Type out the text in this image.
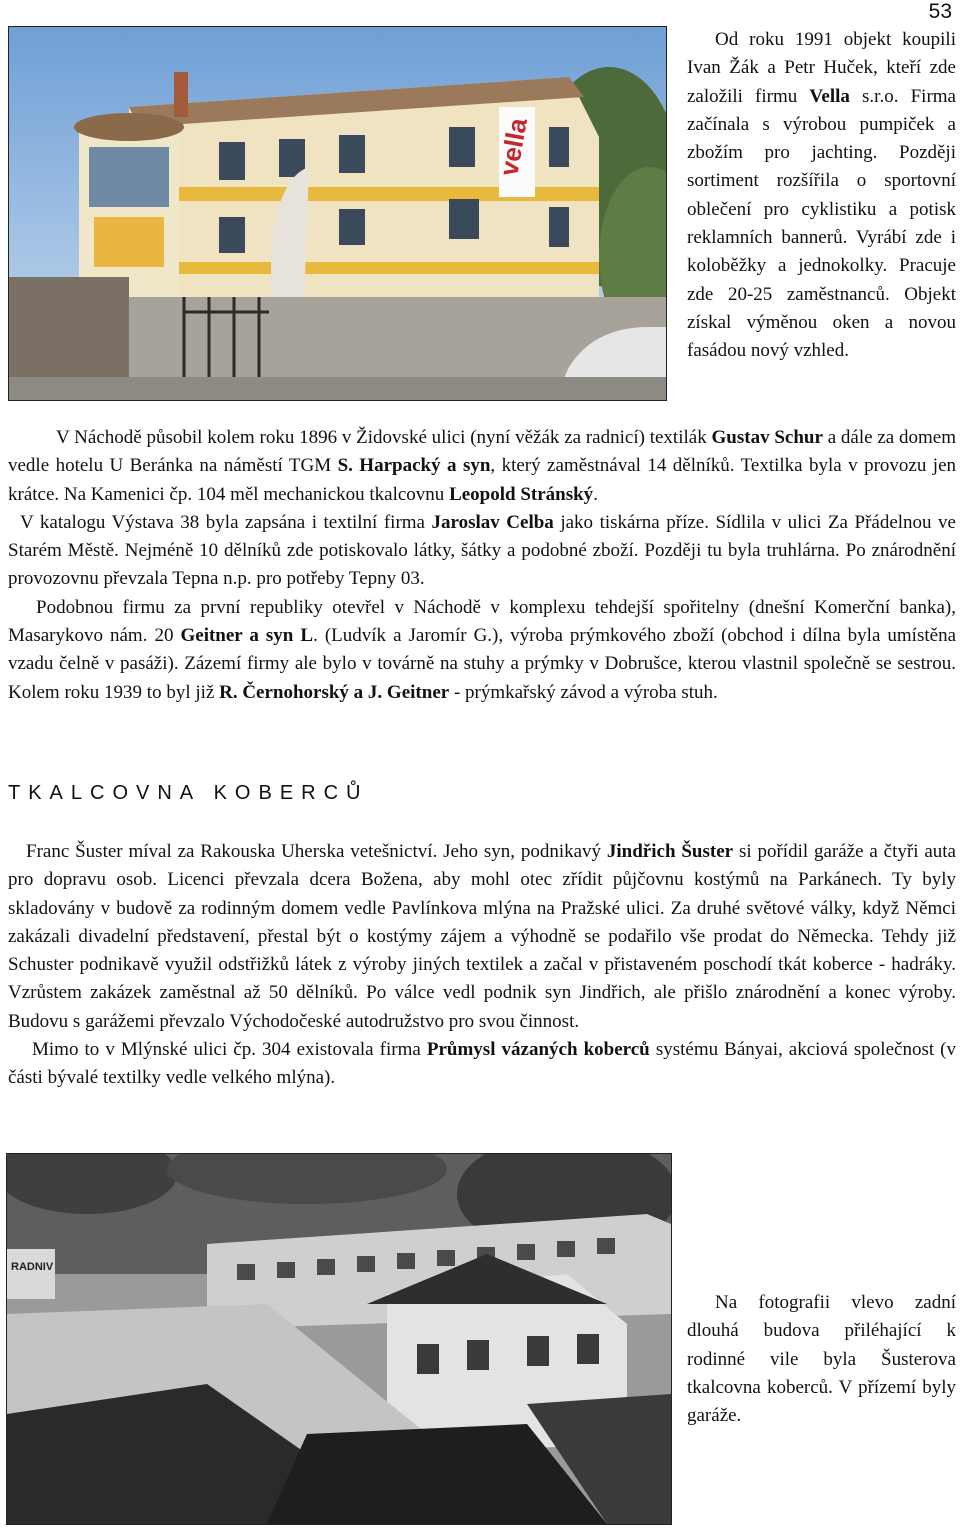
53
vella
Od roku 1991 objekt koupili Ivan Žák a Petr Huček, kteří zde založili firmu Vella s.r.o. Firma začínala s výrobou pumpiček a zbožím pro jachting. Později sortiment rozšířila o sportovní oblečení pro cyklistiku a potisk reklamních bannerů. Vyrábí zde i koloběžky a jednokolky. Pracuje zde 20-25 zaměstnanců. Objekt získal výměnou oken a novou fasádou nový vzhled.

V Náchodě působil kolem roku 1896 v Židovské ulici (nyní věžák za radnicí) textilák Gustav Schur a dále za domem vedle hotelu U Beránka na náměstí TGM S. Harpacký a syn, který zaměstnával 14 dělníků. Textilka byla v provozu jen krátce. Na Kamenici čp. 104 měl mechanickou tkalcovnu Leopold Stránský.

V katalogu Výstava 38 byla zapsána i textilní firma Jaroslav Celba jako tiskárna příze. Sídlila v ulici Za Přádelnou ve Starém Městě. Nejméně 10 dělníků zde potiskovalo látky, šátky a podobné zboží. Později tu byla truhlárna. Po znárodnění provozovnu převzala Tepna n.p. pro potřeby Tepny 03.

Podobnou firmu za první republiky otevřel v Náchodě v komplexu tehdejší spořitelny (dnešní Komerční banka), Masarykovo nám. 20 Geitner a syn L. (Ludvík a Jaromír G.), výroba prýmkového zboží (obchod i dílna byla umístěna vzadu čelně v pasáži). Zázemí firmy ale bylo v továrně na stuhy a prýmky v Dobrušce, kterou vlastnil společně se sestrou. Kolem roku 1939 to byl již R. Černohorský a J. Geitner - prýmkařský závod a výroba stuh.

TKALCOVNA KOBERCŮ

Franc Šuster míval za Rakouska Uherska vetešnictví. Jeho syn, podnikavý Jindřich Šuster si pořídil garáže a čtyři auta pro dopravu osob. Licenci převzala dcera Božena, aby mohl otec zřídit půjčovnu kostýmů na Parkánech. Ty byly skladovány v budově za rodinným domem vedle Pavlínkova mlýna na Pražské ulici. Za druhé světové války, když Němci zakázali divadelní představení, přestal být o kostýmy zájem a výhodně se podařilo vše prodat do Německa. Tehdy již Schuster podnikavě využil odstřižků látek z výroby jiných textilek a začal v přistaveném poschodí tkát koberce - hadráky. Vzrůstem zakázek zaměstnal až 50 dělníků. Po válce vedl podnik syn Jindřich, ale přišlo znárodnění a konec výroby. Budovu s garážemi převzalo Východočeské autodružstvo pro svou činnost.

Mimo to v Mlýnské ulici čp. 304 existovala firma Průmysl vázaných koberců systému Bányai, akciová společnost (v části bývalé textilky vedle velkého mlýna).

RADNIV
Na fotografii vlevo zadní dlouhá budova přiléhající k rodinné vile byla Šusterova tkalcovna koberců. V přízemí byly garáže.
